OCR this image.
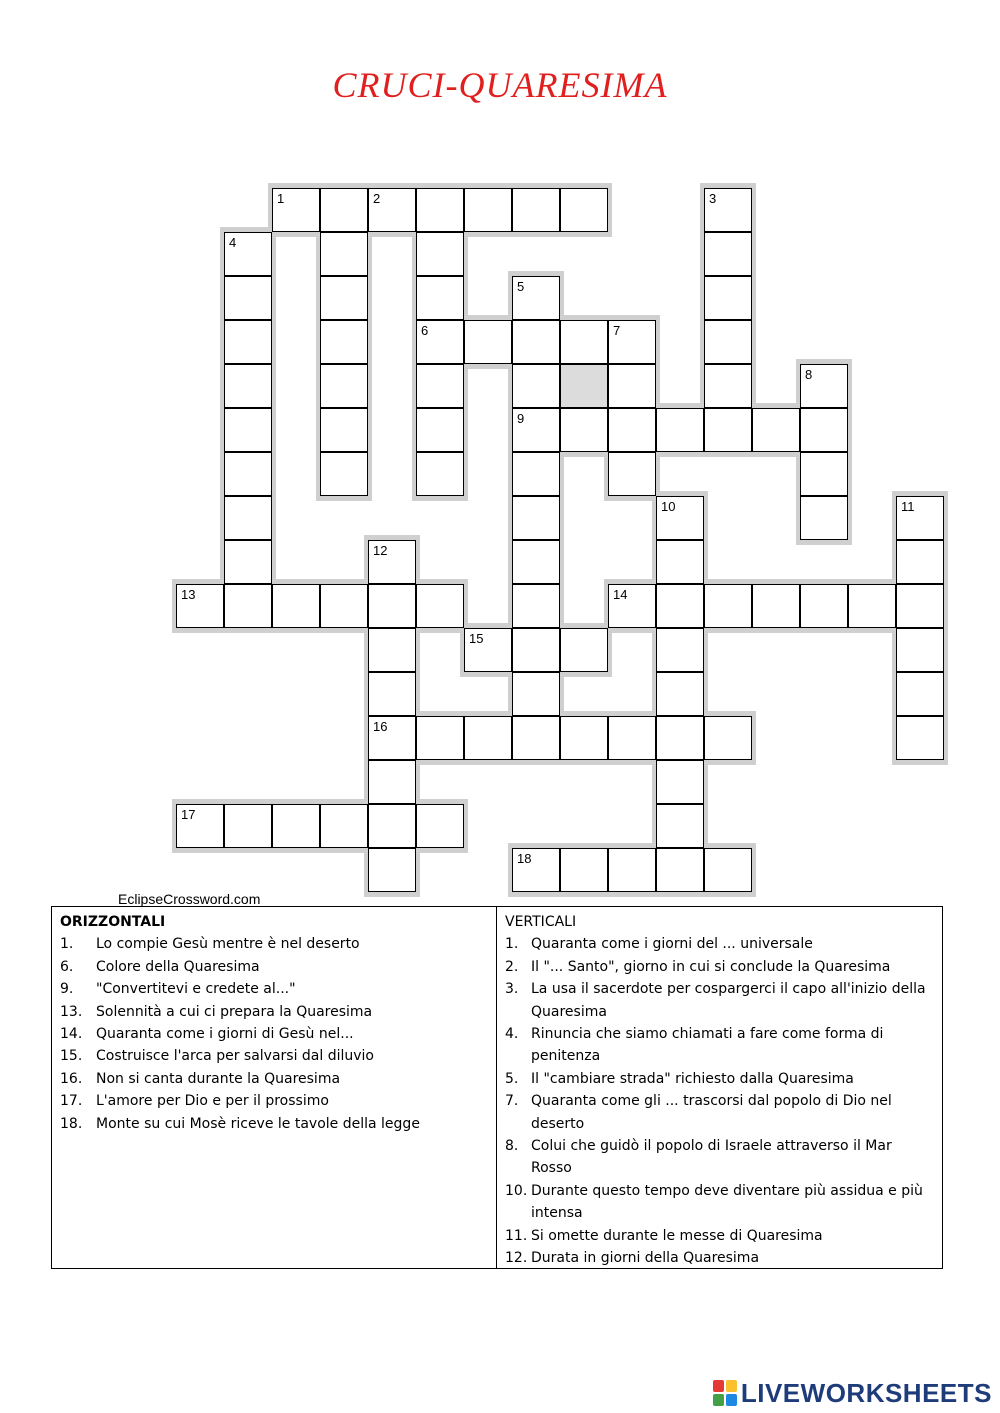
CRUCI-QUARESIMA
1	2	3
4
5
6	7
8
9
10	11
12
13	14
15
16
17
18
EclipseCrossword.com
ORIZZONTALI
1.	Lo compie Gesù mentre è nel deserto
6.	Colore della Quaresima
9.	"Convertitevi e credete al..."
13. Solennità a cui ci prepara la Quaresima
14. Quaranta come i giorni di Gesù nel...
15. Costruisce l'arca per salvarsi dal diluvio
16. Non si canta durante la Quaresima
17. L'amore per Dio e per il prossimo
18. Monte su cui Mosè riceve le tavole della legge
VERTICALI
1. Quaranta come i giorni del ... universale
2. Il "... Santo", giorno in cui si conclude la Quaresima
3. La usa il sacerdote per cospargerci il capo all'inizio della Quaresima
4. Rinuncia che siamo chiamati a fare come forma di penitenza
5. Il "cambiare strada" richiesto dalla Quaresima
7. Quaranta come gli ... trascorsi dal popolo di Dio nel deserto
8. Colui che guidò il popolo di Israele attraverso il Mar Rosso
10. Durante questo tempo deve diventare più assidua e più intensa
11. Si omette durante le messe di Quaresima
12. Durata in giorni della Quaresima
LIVEWORKSHEETS
